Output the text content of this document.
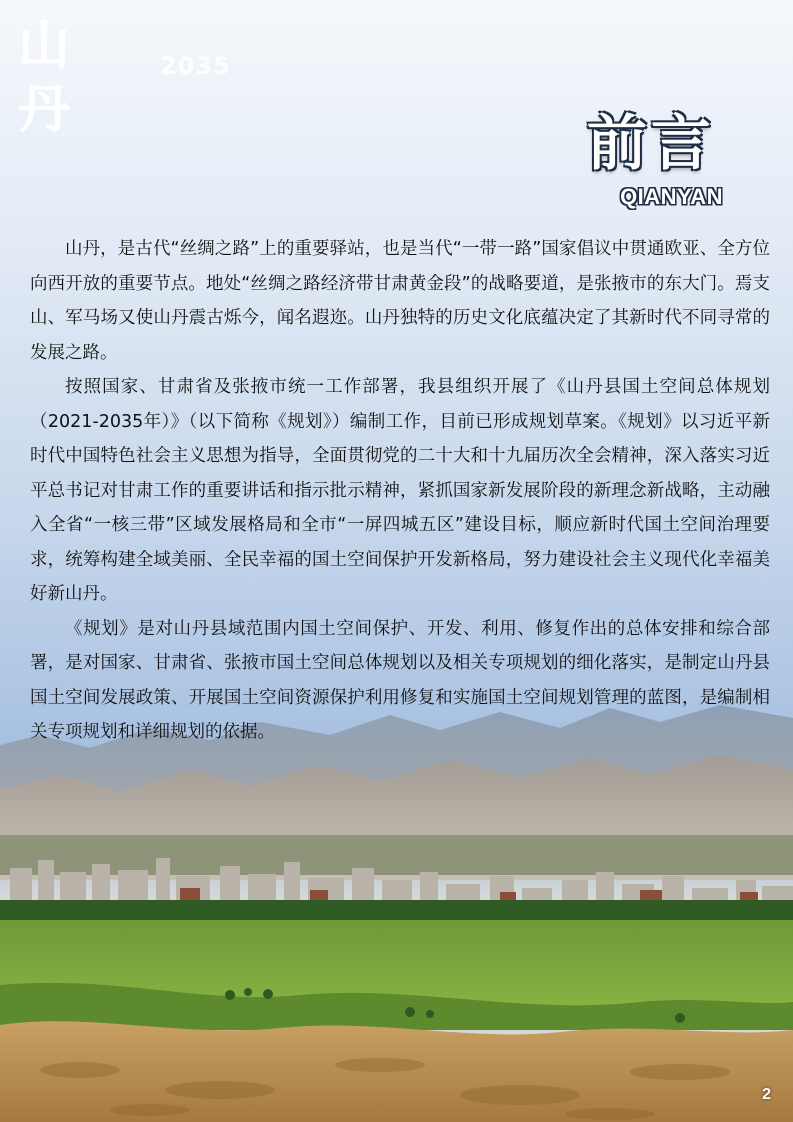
山丹
2035
前言
QIANYAN

山丹，是古代“丝绸之路”上的重要驿站，也是当代“一带一路”国家倡议中贯通欧亚、全方位向西开放的重要节点。地处“丝绸之路经济带甘肃黄金段”的战略要道，是张掖市的东大门。焉支山、军马场又使山丹震古烁今，闻名遐迩。山丹独特的历史文化底蕴决定了其新时代不同寻常的发展之路。

按照国家、甘肃省及张掖市统一工作部署，我县组织开展了《山丹县国土空间总体规划（2021-2035年）》（以下简称《规划》）编制工作，目前已形成规划草案。《规划》以习近平新时代中国特色社会主义思想为指导，全面贯彻党的二十大和十九届历次全会精神，深入落实习近平总书记对甘肃工作的重要讲话和指示批示精神，紧抓国家新发展阶段的新理念新战略，主动融入全省“一核三带”区域发展格局和全市“一屏四城五区”建设目标，顺应新时代国土空间治理要求，统筹构建全域美丽、全民幸福的国土空间保护开发新格局，努力建设社会主义现代化幸福美好新山丹。

《规划》是对山丹县域范围内国土空间保护、开发、利用、修复作出的总体安排和综合部署，是对国家、甘肃省、张掖市国土空间总体规划以及相关专项规划的细化落实，是制定山丹县国土空间发展政策、开展国土空间资源保护利用修复和实施国土空间规划管理的蓝图，是编制相关专项规划和详细规划的依据。

2
